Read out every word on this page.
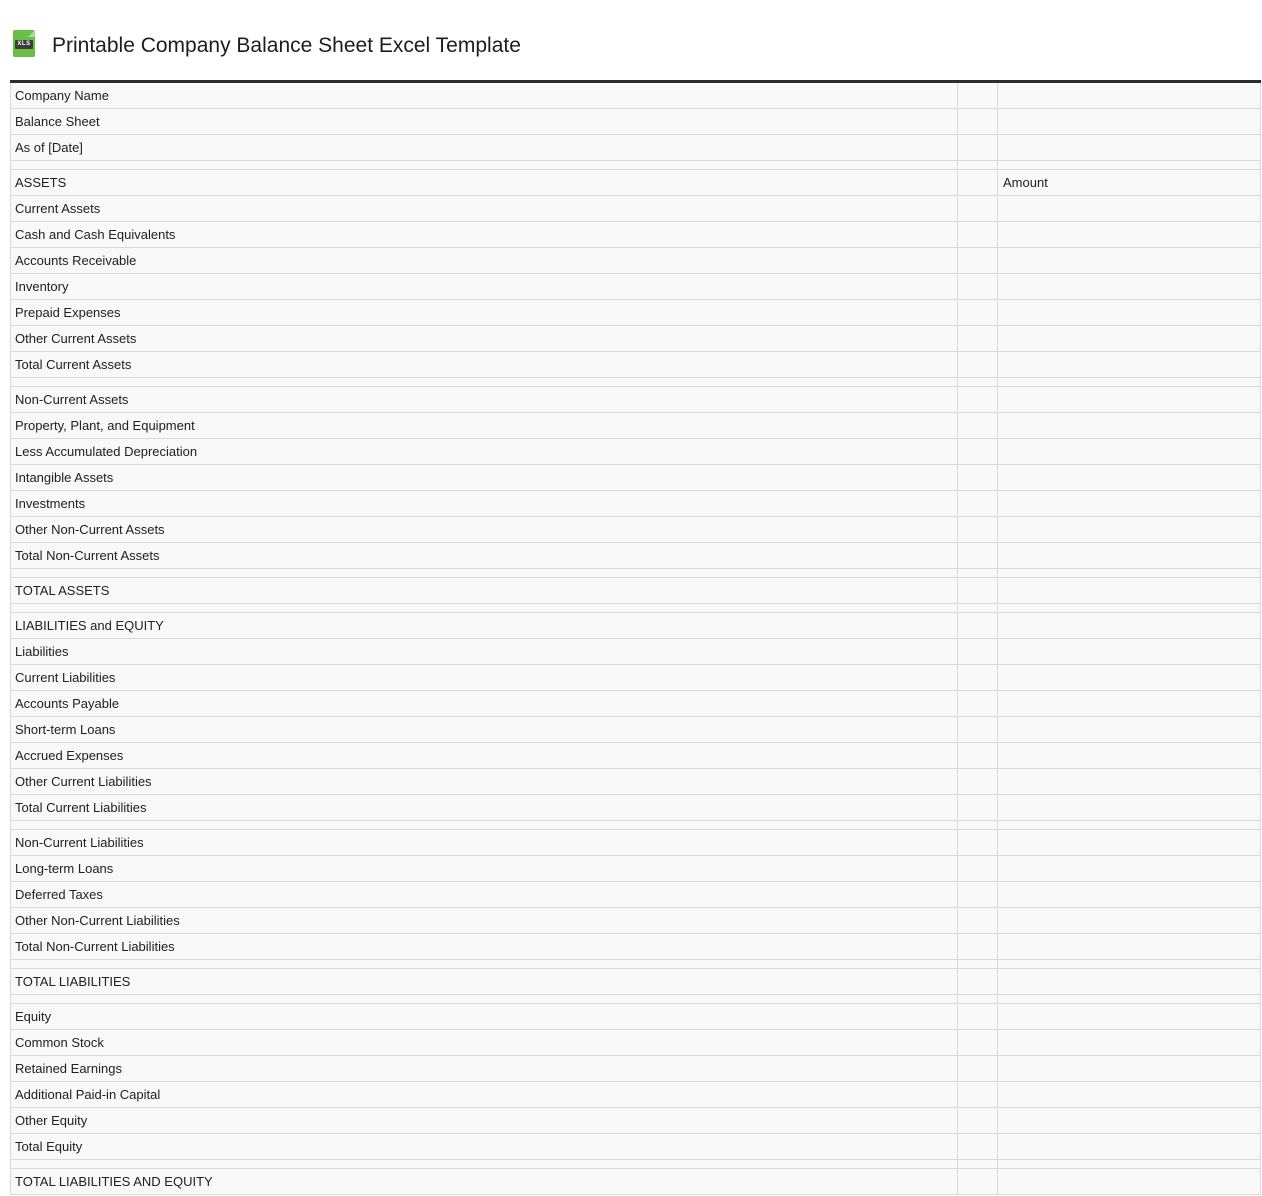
XLS Printable Company Balance Sheet Excel Template
Company Name
Balance Sheet
As of [Date]
ASSETS	Amount
Current Assets
Cash and Cash Equivalents
Accounts Receivable
Inventory
Prepaid Expenses
Other Current Assets
Total Current Assets
Non-Current Assets
Property, Plant, and Equipment
Less Accumulated Depreciation
Intangible Assets
Investments
Other Non-Current Assets
Total Non-Current Assets
TOTAL ASSETS
LIABILITIES and EQUITY
Liabilities
Current Liabilities
Accounts Payable
Short-term Loans
Accrued Expenses
Other Current Liabilities
Total Current Liabilities
Non-Current Liabilities
Long-term Loans
Deferred Taxes
Other Non-Current Liabilities
Total Non-Current Liabilities
TOTAL LIABILITIES
Equity
Common Stock
Retained Earnings
Additional Paid-in Capital
Other Equity
Total Equity
TOTAL LIABILITIES AND EQUITY
